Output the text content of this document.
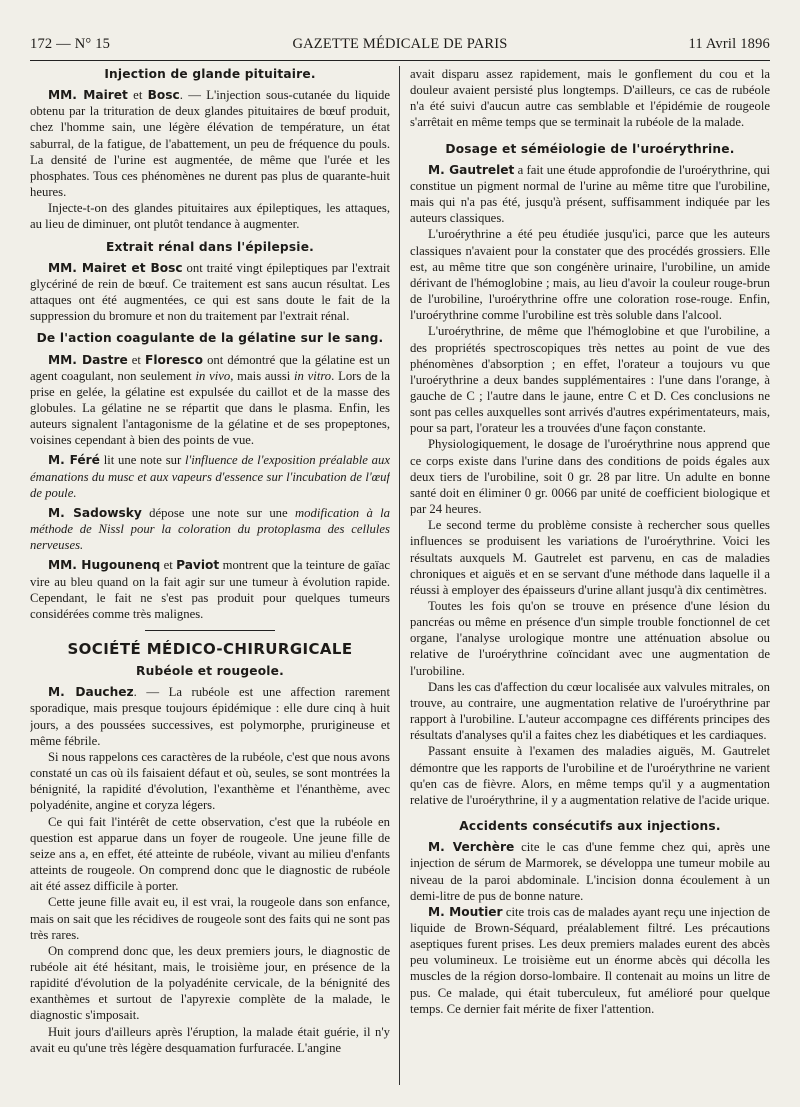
172 — N° 15	GAZETTE MÉDICALE DE PARIS	11 Avril 1896
Injection de glande pituitaire.

MM. Mairet et Bosc. — L'injection sous-cutanée du liquide obtenu par la trituration de deux glandes pituitaires de bœuf produit, chez l'homme sain, une légère élévation de température, un état saburral, de la fatigue, de l'abattement, un peu de fréquence du pouls. La densité de l'urine est augmentée, de même que l'urée et les phosphates. Tous ces phénomènes ne durent pas plus de quarante-huit heures.

Injecte-t-on des glandes pituitaires aux épileptiques, les attaques, au lieu de diminuer, ont plutôt tendance à augmenter.

Extrait rénal dans l'épilepsie.

MM. Mairet et Bosc ont traité vingt épileptiques par l'extrait glycériné de rein de bœuf. Ce traitement est sans aucun résultat. Les attaques ont été augmentées, ce qui est sans doute le fait de la suppression du bromure et non du traitement par l'extrait rénal.

De l'action coagulante de la gélatine sur le sang.

MM. Dastre et Floresco ont démontré que la gélatine est un agent coagulant, non seulement in vivo, mais aussi in vitro. Lors de la prise en gelée, la gélatine est expulsée du caillot et de la masse des globules. La gélatine ne se répartit que dans le plasma. Enfin, les auteurs signalent l'antagonisme de la gélatine et de ses propeptones, voisines cependant à bien des points de vue.

M. Féré lit une note sur l'influence de l'exposition préalable aux émanations du musc et aux vapeurs d'essence sur l'incubation de l'œuf de poule.

M. Sadowsky dépose une note sur une modification à la méthode de Nissl pour la coloration du protoplasma des cellules nerveuses.

MM. Hugounenq et Paviot montrent que la teinture de gaïac vire au bleu quand on la fait agir sur une tumeur à évolution rapide. Cependant, le fait ne s'est pas produit pour quelques tumeurs considérées comme très malignes.

SOCIÉTÉ MÉDICO-CHIRURGICALE
Rubéole et rougeole.

M. Dauchez. — La rubéole est une affection rarement sporadique, mais presque toujours épidémique : elle dure cinq à huit jours, a des poussées successives, est polymorphe, prurigineuse et même fébrile.

Si nous rappelons ces caractères de la rubéole, c'est que nous avons constaté un cas où ils faisaient défaut et où, seules, se sont montrées la bénignité, la rapidité d'évolution, l'exanthème et l'énanthème, avec polyadénite, angine et coryza légers.

Ce qui fait l'intérêt de cette observation, c'est que la rubéole en question est apparue dans un foyer de rougeole. Une jeune fille de seize ans a, en effet, été atteinte de rubéole, vivant au milieu d'enfants atteints de rougeole. On comprend donc que le diagnostic de rubéole ait été assez difficile à porter.

Cette jeune fille avait eu, il est vrai, la rougeole dans son enfance, mais on sait que les récidives de rougeole sont des faits qui ne sont pas très rares.

On comprend donc que, les deux premiers jours, le diagnostic de rubéole ait été hésitant, mais, le troisième jour, en présence de la rapidité d'évolution de la polyadénite cervicale, de la bénignité des exanthèmes et surtout de l'apyrexie complète de la malade, le diagnostic s'imposait.

Huit jours d'ailleurs après l'éruption, la malade était guérie, il n'y avait eu qu'une très légère desquamation furfuracée. L'angine

avait disparu assez rapidement, mais le gonflement du cou et la douleur avaient persisté plus longtemps. D'ailleurs, ce cas de rubéole n'a été suivi d'aucun autre cas semblable et l'épidémie de rougeole s'arrêtait en même temps que se terminait la rubéole de la malade.

Dosage et séméiologie de l'uroérythrine.

M. Gautrelet a fait une étude approfondie de l'uroérythrine, qui constitue un pigment normal de l'urine au même titre que l'urobiline, mais qui n'a pas été, jusqu'à présent, suffisamment indiquée par les auteurs classiques.

L'uroérythrine a été peu étudiée jusqu'ici, parce que les auteurs classiques n'avaient pour la constater que des procédés grossiers. Elle est, au même titre que son congénère urinaire, l'urobiline, un amide dérivant de l'hémoglobine ; mais, au lieu d'avoir la couleur rouge-brun de l'urobiline, l'uroérythrine offre une coloration rose-rouge. Enfin, l'uroérythrine comme l'urobiline est très soluble dans l'alcool.

L'uroérythrine, de même que l'hémoglobine et que l'urobiline, a des propriétés spectroscopiques très nettes au point de vue des phénomènes d'absorption ; en effet, l'orateur a toujours vu que l'uroérythrine a deux bandes supplémentaires : l'une dans l'orange, à gauche de C ; l'autre dans le jaune, entre C et D. Ces conclusions ne sont pas celles auxquelles sont arrivés d'autres expérimentateurs, mais, pour sa part, l'orateur les a trouvées d'une façon constante.

Physiologiquement, le dosage de l'uroérythrine nous apprend que ce corps existe dans l'urine dans des conditions de poids égales aux deux tiers de l'urobiline, soit 0 gr. 28 par litre. Un adulte en bonne santé doit en éliminer 0 gr. 0066 par unité de coefficient biologique et par 24 heures.

Le second terme du problème consiste à rechercher sous quelles influences se produisent les variations de l'uroérythrine. Voici les résultats auxquels M. Gautrelet est parvenu, en cas de maladies chroniques et aiguës et en se servant d'une méthode dans laquelle il a réussi à employer des épaisseurs d'urine allant jusqu'à dix centimètres.

Toutes les fois qu'on se trouve en présence d'une lésion du pancréas ou même en présence d'un simple trouble fonctionnel de cet organe, l'analyse urologique montre une atténuation absolue ou relative de l'uroérythrine coïncidant avec une augmentation de l'urobiline.

Dans les cas d'affection du cœur localisée aux valvules mitrales, on trouve, au contraire, une augmentation relative de l'uroérythrine par rapport à l'urobiline. L'auteur accompagne ces différents principes des résultats d'analyses qu'il a faites chez les diabétiques et les cardiaques.

Passant ensuite à l'examen des maladies aiguës, M. Gautrelet démontre que les rapports de l'urobiline et de l'uroérythrine ne varient qu'en cas de fièvre. Alors, en même temps qu'il y a augmentation relative de l'uroérythrine, il y a augmentation relative de l'acide urique.

Accidents consécutifs aux injections.

M. Verchère cite le cas d'une femme chez qui, après une injection de sérum de Marmorek, se développa une tumeur mobile au niveau de la paroi abdominale. L'incision donna écoulement à un demi-litre de pus de bonne nature.

M. Moutier cite trois cas de malades ayant reçu une injection de liquide de Brown-Séquard, préalablement filtré. Les précautions aseptiques furent prises. Les deux premiers malades eurent des abcès peu volumineux. Le troisième eut un énorme abcès qui décolla les muscles de la région dorso-lombaire. Il contenait au moins un litre de pus. Ce malade, qui était tuberculeux, fut amélioré pour quelque temps. Ce dernier fait mérite de fixer l'attention.
